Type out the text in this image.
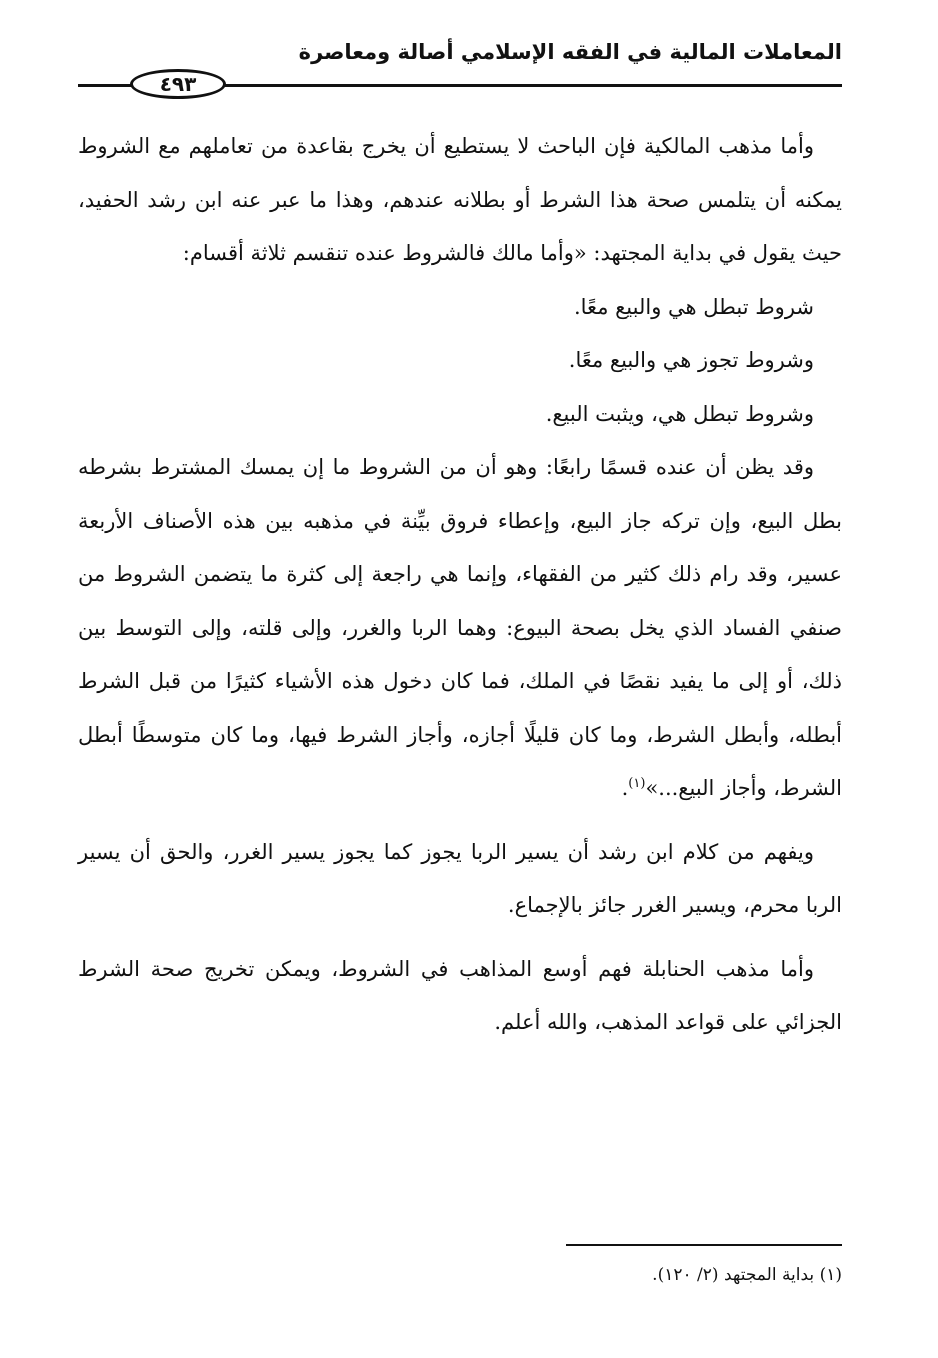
المعاملات المالية في الفقه الإسلامي أصالة ومعاصرة
٤٩٣

وأما مذهب المالكية فإن الباحث لا يستطيع أن يخرج بقاعدة من تعاملهم مع الشروط يمكنه أن يتلمس صحة هذا الشرط أو بطلانه عندهم، وهذا ما عبر عنه ابن رشد الحفيد، حيث يقول في بداية المجتهد: «وأما مالك فالشروط عنده تنقسم ثلاثة أقسام:

شروط تبطل هي والبيع معًا.

وشروط تجوز هي والبيع معًا.

وشروط تبطل هي، ويثبت البيع.

وقد يظن أن عنده قسمًا رابعًا: وهو أن من الشروط ما إن يمسك المشترط بشرطه بطل البيع، وإن تركه جاز البيع، وإعطاء فروق بيِّنة في مذهبه بين هذه الأصناف الأربعة عسير، وقد رام ذلك كثير من الفقهاء، وإنما هي راجعة إلى كثرة ما يتضمن الشروط من صنفي الفساد الذي يخل بصحة البيوع: وهما الربا والغرر، وإلى قلته، وإلى التوسط بين ذلك، أو إلى ما يفيد نقصًا في الملك، فما كان دخول هذه الأشياء كثيرًا من قبل الشرط أبطله، وأبطل الشرط، وما كان قليلًا أجازه، وأجاز الشرط فيها، وما كان متوسطًا أبطل الشرط، وأجاز البيع...»$^{(١)}$.

ويفهم من كلام ابن رشد أن يسير الربا يجوز كما يجوز يسير الغرر، والحق أن يسير الربا محرم، ويسير الغرر جائز بالإجماع.

وأما مذهب الحنابلة فهم أوسع المذاهب في الشروط، ويمكن تخريج صحة الشرط الجزائي على قواعد المذهب، والله أعلم.

(١) بداية المجتهد (٢/ ١٢٠).
